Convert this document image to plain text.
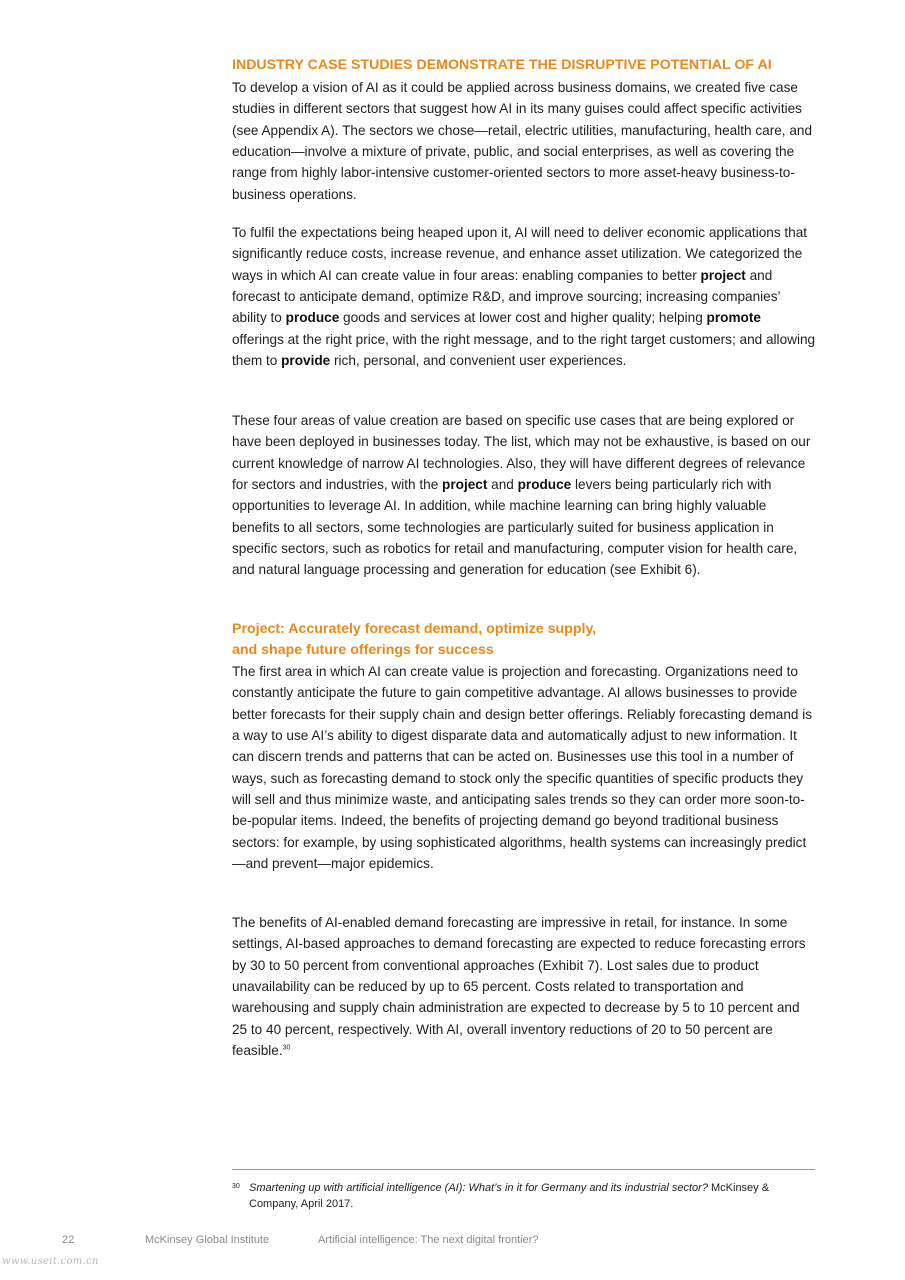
INDUSTRY CASE STUDIES DEMONSTRATE THE DISRUPTIVE POTENTIAL OF AI

To develop a vision of AI as it could be applied across business domains, we created five case studies in different sectors that suggest how AI in its many guises could affect specific activities (see Appendix A). The sectors we chose—retail, electric utilities, manufacturing, health care, and education—involve a mixture of private, public, and social enterprises, as well as covering the range from highly labor-intensive customer-oriented sectors to more asset-heavy business-to-business operations.

To fulfil the expectations being heaped upon it, AI will need to deliver economic applications that significantly reduce costs, increase revenue, and enhance asset utilization. We categorized the ways in which AI can create value in four areas: enabling companies to better project and forecast to anticipate demand, optimize R&D, and improve sourcing; increasing companies’ ability to produce goods and services at lower cost and higher quality; helping promote offerings at the right price, with the right message, and to the right target customers; and allowing them to provide rich, personal, and convenient user experiences.

These four areas of value creation are based on specific use cases that are being explored or have been deployed in businesses today. The list, which may not be exhaustive, is based on our current knowledge of narrow AI technologies. Also, they will have different degrees of relevance for sectors and industries, with the project and produce levers being particularly rich with opportunities to leverage AI. In addition, while machine learning can bring highly valuable benefits to all sectors, some technologies are particularly suited for business application in specific sectors, such as robotics for retail and manufacturing, computer vision for health care, and natural language processing and generation for education (see Exhibit 6).

Project: Accurately forecast demand, optimize supply,
and shape future offerings for success

The first area in which AI can create value is projection and forecasting. Organizations need to constantly anticipate the future to gain competitive advantage. AI allows businesses to provide better forecasts for their supply chain and design better offerings. Reliably forecasting demand is a way to use AI’s ability to digest disparate data and automatically adjust to new information. It can discern trends and patterns that can be acted on. Businesses use this tool in a number of ways, such as forecasting demand to stock only the specific quantities of specific products they will sell and thus minimize waste, and anticipating sales trends so they can order more soon-to-be-popular items. Indeed, the benefits of projecting demand go beyond traditional business sectors: for example, by using sophisticated algorithms, health systems can increasingly predict—and prevent—major epidemics.

The benefits of AI-enabled demand forecasting are impressive in retail, for instance. In some settings, AI-based approaches to demand forecasting are expected to reduce forecasting errors by 30 to 50 percent from conventional approaches (Exhibit 7). Lost sales due to product unavailability can be reduced by up to 65 percent. Costs related to transportation and warehousing and supply chain administration are expected to decrease by 5 to 10 percent and 25 to 40 percent, respectively. With AI, overall inventory reductions of 20 to 50 percent are feasible.$^{30}$

30 Smartening up with artificial intelligence (AI): What’s in it for Germany and its industrial sector? McKinsey & Company, April 2017.
22	McKinsey Global Institute	Artificial intelligence: The next digital frontier?
www.useit.com.cn
